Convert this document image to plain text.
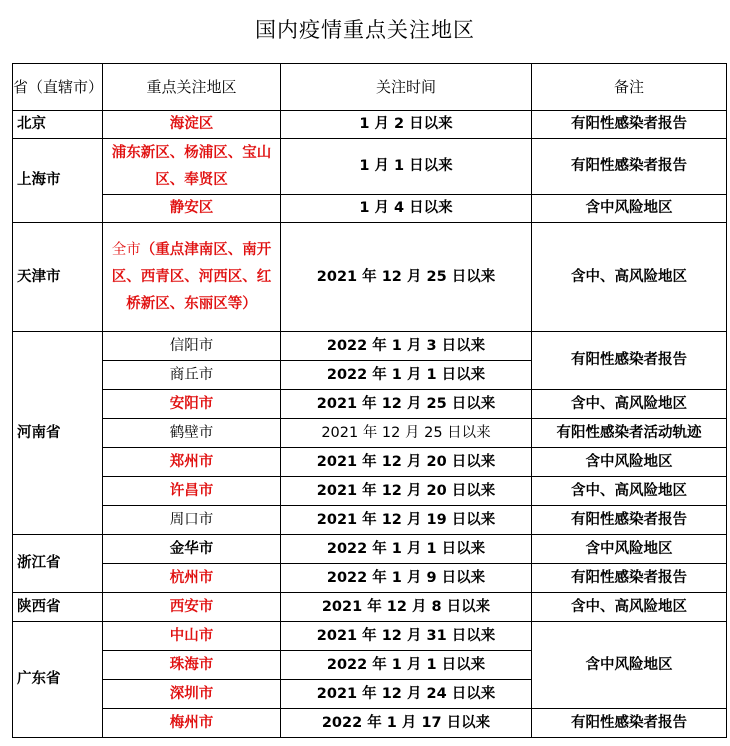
国内疫情重点关注地区
省（直辖市）	重点关注地区	关注时间	备注
北京	海淀区	1 月 2 日以来	有阳性感染者报告
上海市	浦东新区、杨浦区、宝山区、奉贤区	1 月 1 日以来	有阳性感染者报告
	静安区	1 月 4 日以来	含中风险地区
天津市	全市（重点津南区、南开区、西青区、河西区、红桥新区、东丽区等）	2021 年 12 月 25 日以来	含中、高风险地区
河南省	信阳市	2022 年 1 月 3 日以来	有阳性感染者报告
	商丘市	2022 年 1 月 1 日以来	
	安阳市	2021 年 12 月 25 日以来	含中、高风险地区
	鹤壁市	2021 年 12 月 25 日以来	有阳性感染者活动轨迹
	郑州市	2021 年 12 月 20 日以来	含中风险地区
	许昌市	2021 年 12 月 20 日以来	含中、高风险地区
	周口市	2021 年 12 月 19 日以来	有阳性感染者报告
浙江省	金华市	2022 年 1 月 1 日以来	含中风险地区
	杭州市	2022 年 1 月 9 日以来	有阳性感染者报告
陕西省	西安市	2021 年 12 月 8 日以来	含中、高风险地区
广东省	中山市	2021 年 12 月 31 日以来	含中风险地区
	珠海市	2022 年 1 月 1 日以来	
	深圳市	2021 年 12 月 24 日以来	
	梅州市	2022 年 1 月 17 日以来	有阳性感染者报告
